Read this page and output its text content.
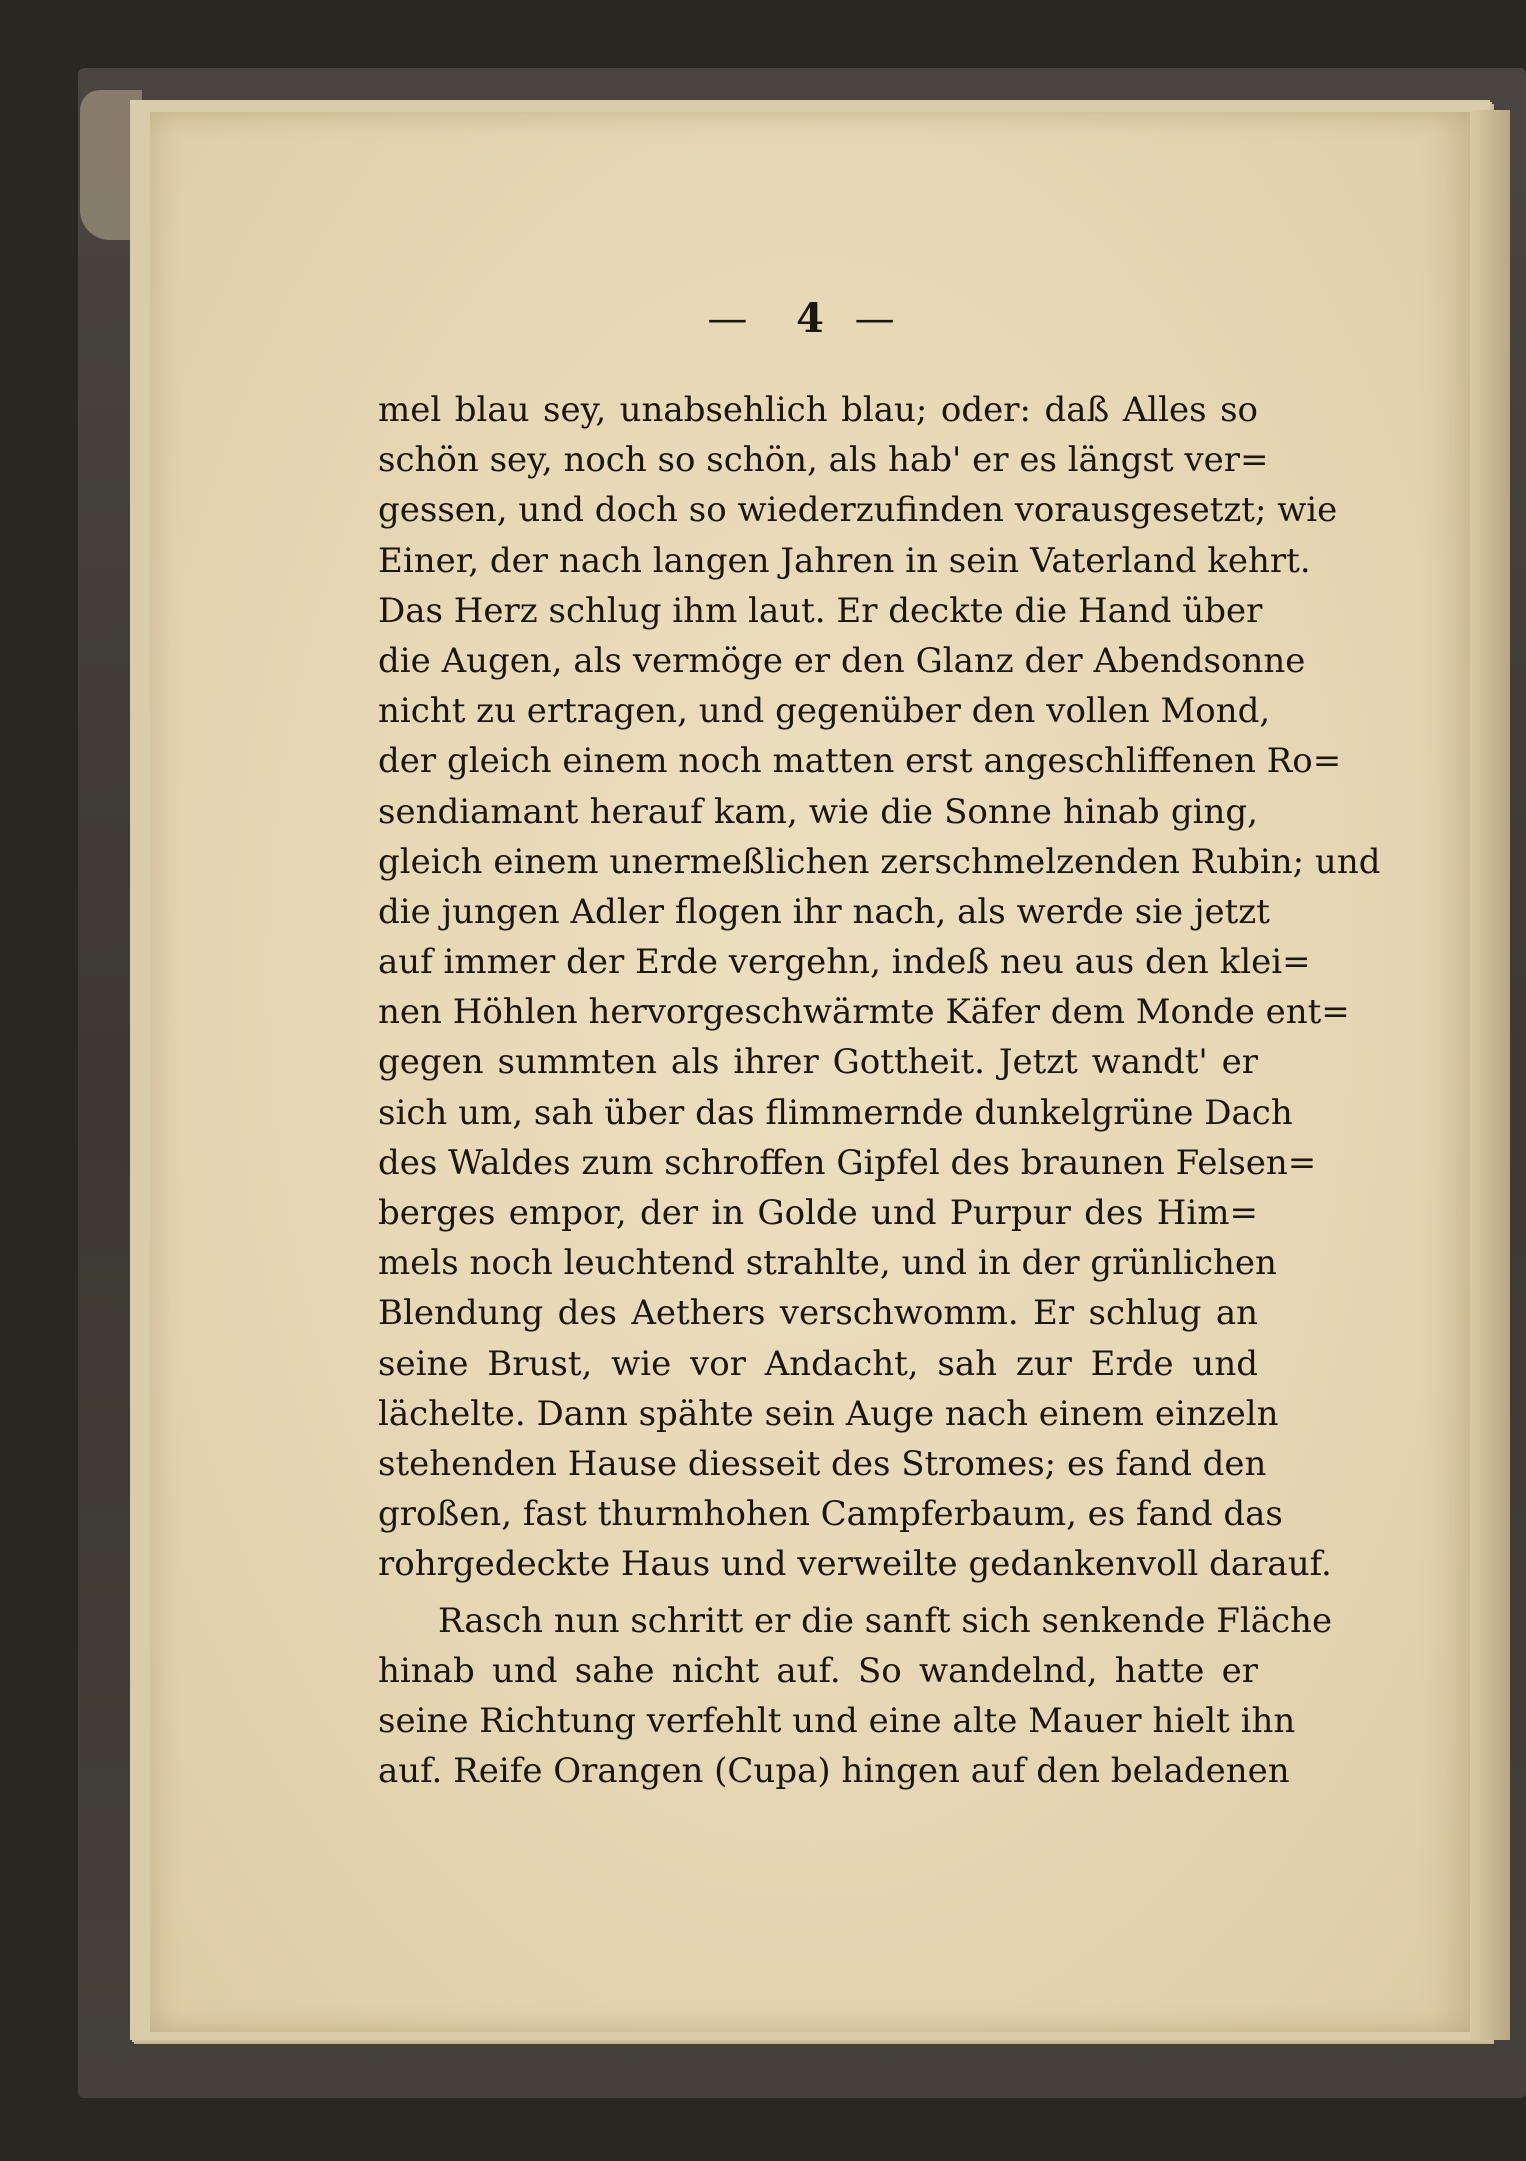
— 4 —
mel blau sey, unabsehlich blau; oder: daß Alles so
schön sey, noch so schön, als hab' er es längst ver=
gessen, und doch so wiederzufinden vorausgesetzt; wie
Einer, der nach langen Jahren in sein Vaterland kehrt.
Das Herz schlug ihm laut. Er deckte die Hand über
die Augen, als vermöge er den Glanz der Abendsonne
nicht zu ertragen, und gegenüber den vollen Mond,
der gleich einem noch matten erst angeschliffenen Ro=
sendiamant herauf kam, wie die Sonne hinab ging,
gleich einem unermeßlichen zerschmelzenden Rubin; und
die jungen Adler flogen ihr nach, als werde sie jetzt
auf immer der Erde vergehn, indeß neu aus den klei=
nen Höhlen hervorgeschwärmte Käfer dem Monde ent=
gegen summten als ihrer Gottheit. Jetzt wandt' er
sich um, sah über das flimmernde dunkelgrüne Dach
des Waldes zum schroffen Gipfel des braunen Felsen=
berges empor, der in Golde und Purpur des Him=
mels noch leuchtend strahlte, und in der grünlichen
Blendung des Aethers verschwomm. Er schlug an
seine Brust, wie vor Andacht, sah zur Erde und
lächelte. Dann spähte sein Auge nach einem einzeln
stehenden Hause diesseit des Stromes; es fand den
großen, fast thurmhohen Campferbaum, es fand das
rohrgedeckte Haus und verweilte gedankenvoll darauf.
Rasch nun schritt er die sanft sich senkende Fläche
hinab und sahe nicht auf. So wandelnd, hatte er
seine Richtung verfehlt und eine alte Mauer hielt ihn
auf. Reife Orangen (Cupa) hingen auf den beladenen
